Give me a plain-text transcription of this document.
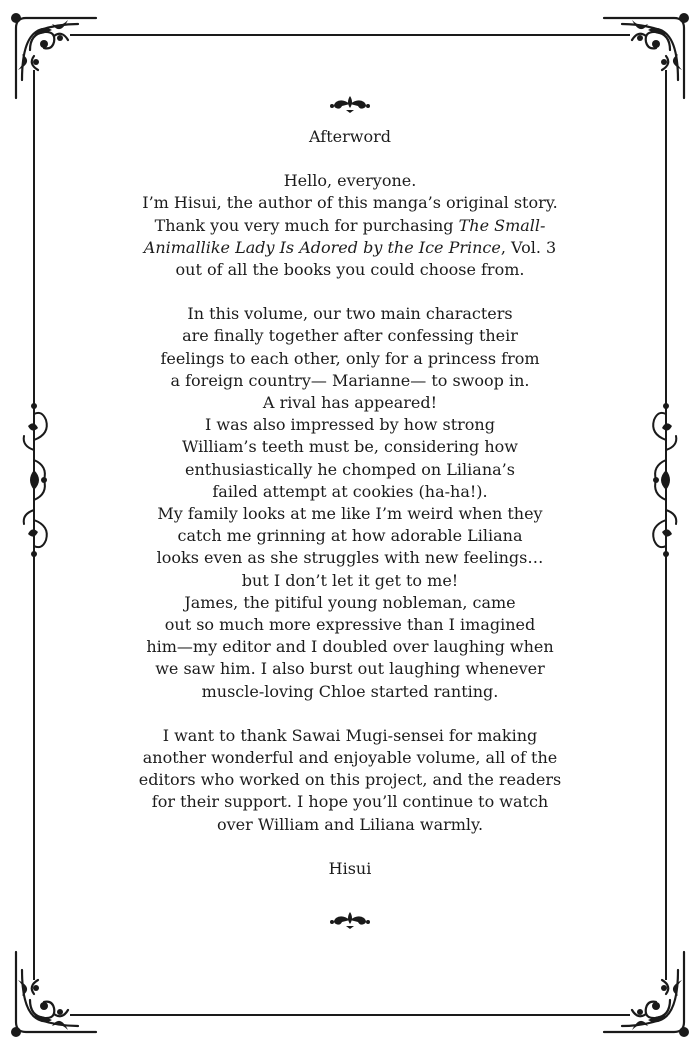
Afterword
Hello, everyone.
I’m Hisui, the author of this manga’s original story.
Thank you very much for purchasing The Small-
Animallike Lady Is Adored by the Ice Prince, Vol. 3
out of all the books you could choose from.
In this volume, our two main characters
are finally together after confessing their
feelings to each other, only for a princess from
a foreign country— Marianne— to swoop in.
A rival has appeared!
I was also impressed by how strong
William’s teeth must be, considering how
enthusiastically he chomped on Liliana’s
failed attempt at cookies (ha-ha!).
My family looks at me like I’m weird when they
catch me grinning at how adorable Liliana
looks even as she struggles with new feelings…
but I don’t let it get to me!
James, the pitiful young nobleman, came
out so much more expressive than I imagined
him—my editor and I doubled over laughing when
we saw him. I also burst out laughing whenever
muscle-loving Chloe started ranting.
I want to thank Sawai Mugi-sensei for making
another wonderful and enjoyable volume, all of the
editors who worked on this project, and the readers
for their support. I hope you’ll continue to watch
over William and Liliana warmly.
Hisui
